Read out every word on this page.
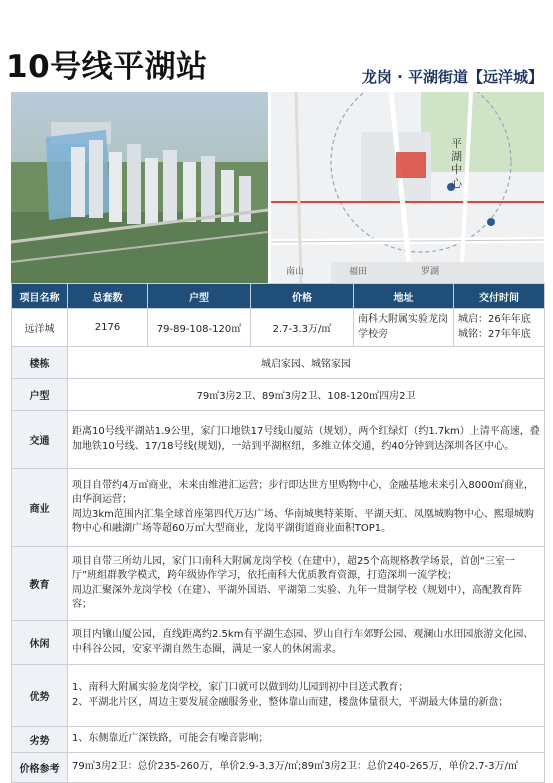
10号线平湖站	龙岗 · 平湖街道【远洋城】
平湖中心
南山	福田	罗湖
项目名称	总套数	户型	价格	地址	交付时间
远洋城	2176	79-89-108-120㎡	2.7-3.3万/㎡	南科大附属实验龙岗学校旁	城启：26年年底
城铭：27年年底

楼栋	城启家园、城铭家园				

户型	79㎡3房2卫、89㎡3房2卫、108-120㎡四房2卫				

交通	距离10号线平湖站1.9公里，家门口地铁17号线山厦站（规划），两个红绿灯（约1.7km）上清平高速，叠加地铁10号线、17/18号线(规划)，一站到平湖枢纽，多维立体交通，约40分钟到达深圳各区中心。				

商业	项目自带约4万㎡商业，未来由维港汇运营；步行即达世方里购物中心，金融基地未来引入8000㎡商业，由华润运营；
周边3km范围内汇集全球首座第四代万达广场、华南城奥特莱斯、平湖天虹、凤凰城购物中心、熙璟城购物中心和融湖广场等超60万㎡大型商业，龙岗平湖街道商业面积TOP1。				

教育	项目自带三所幼儿园，家门口南科大附属龙岗学校（在建中），超25个高规格教学场景，首创“三室一厅”班组群教学模式，跨年级协作学习，依托南科大优质教育资源，打造深圳一流学校；
周边汇聚深外龙岗学校（在建）、平湖外国语、平湖第二实验、九年一贯制学校（规划中），高配教育阵容；				

休闲	项目内镶山厦公园，直线距离约2.5km有平湖生态园、罗山自行车郊野公园、观澜山水田园旅游文化园、中科谷公园，安家平湖自然生态圈，满足一家人的休闲需求。				

优势	1、南科大附属实验龙岗学校，家门口就可以做到幼儿园到初中目送式教育；
2、平湖北片区，周边主要发展金融服务业，整体靠山而建，楼盘体量很大，平湖最大体量的新盘；				

劣势	1、东侧靠近广深铁路，可能会有噪音影响；				

价格参考	79㎡3房2卫：总价235-260万，单价2.9-3.3万/㎡;89㎡3房2卫：总价240-265万，单价2.7-3万/㎡				
